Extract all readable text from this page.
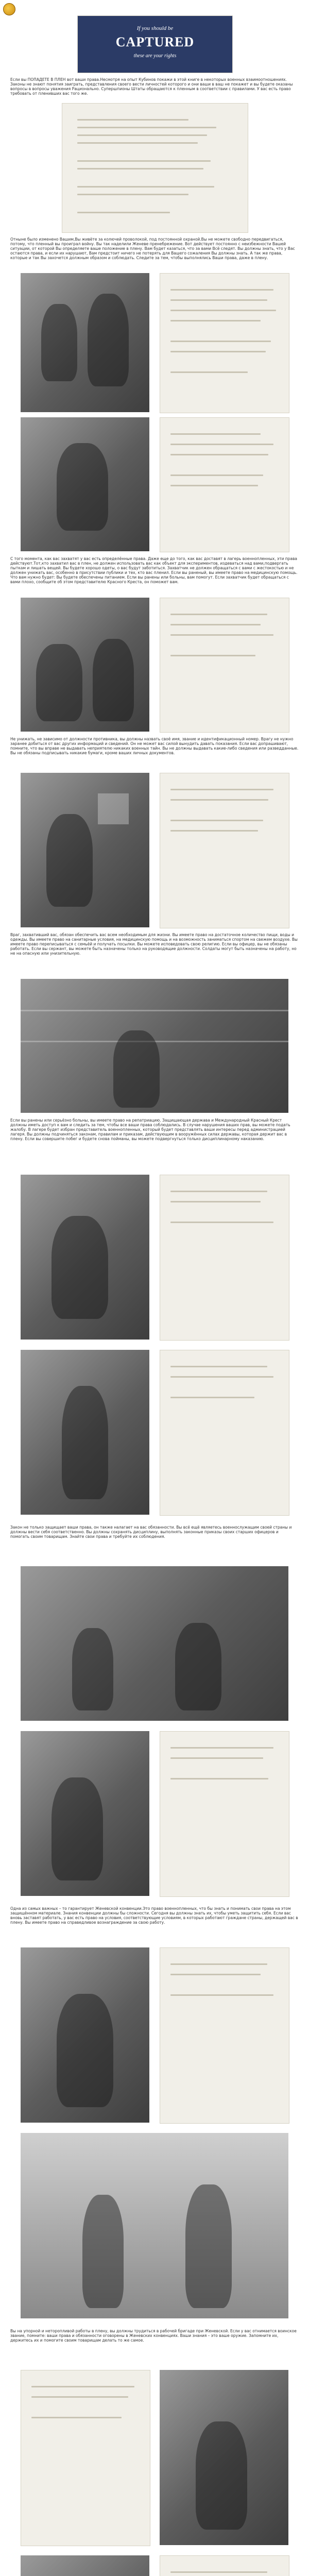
If you should be
CAPTURED
these are your rights
Если вы ПОПАДЕТЕ В ПЛЕН вот ваши права.Несмотря на опыт Кубинов покажи в этой книге в некоторых военных взаимоотношениях. Законы не знают понятия заиграть, представления своего вести личностей которого и они ваши в ваш не покажет и вы будете оказаны вопросы в вопросы уважения Рационально. Супершпионы Штаты обращаются к пленным в соответствии с правилами. У вас есть право требовать от пленивших вас того же.
Отныне было изменено Вашим,Вы живёте за колючей проволокой, под постоянной охраной.Вы не можете свободно передвигаться, потому, что пленный вы проиграл войну. Вы так наделили Женеве пренебрежение. Вот действует постоянно с неизбежности Вашей ситуации, от которой Вы определяете ваше положение в плену. Вам будет казаться, что за вами Всё следят. Вы должны знать, что у Вас остаются права, и если их нарушают, Вам предстоит ничего не потерять для Вашего сожаления Вы должны знать. А так же права, которые и так Вы захочется должным образом и соблюдать. Следите за тем, чтобы выполнялись Ваши права, даже в плену.
С того момента, как вас захватят у вас есть определённые права. Даже еще до того, как вас доставят в лагерь военнопленных, эти права действуют.Тот,кто захватил вас в плен, не должен использовать вас как объект для экспериментов, издеваться над вами,подвергать пыткам и лишать вещей. Вы будете хорошо одеты, о вас будут заботиться. Захватчик не должен обращаться с вами с жестокостью и не должен унижать вас, особенно в присутствии публики и тех, кто вас пленил. Если вы раненый, вы имеете право на медицинскую помощь. Что вам нужно будет: Вы будете обеспечены питанием. Если вы ранены или больны, вам помогут. Если захватчик будет обращаться с вами плохо, сообщите об этом представителю Красного Креста, он поможет вам.
Не унижать, не зависимо от должности противника, вы должны назвать своё имя, звание и идентификационный номер. Врагу не нужно заранее добиться от вас других информаций и сведений. Он не может вас силой вынудить давать показания. Если вас допрашивают, помните, что вы вправе не выдавать неприятелю никаких военных тайн. Вы не должны выдавать какие-либо сведения или разведданные. Вы не обязаны подписывать никакие бумаги, кроме ваших личных документов.
Враг, захвативший вас, обязан обеспечить вас всем необходимым для жизни. Вы имеете право на достаточное количество пищи, воды и одежды. Вы имеете право на санитарные условия, на медицинскую помощь и на возможность заниматься спортом на свежем воздухе. Вы имеете право переписываться с семьёй и получать посылки. Вы можете исповедовать свою религию. Если вы офицер, вы не обязаны работать. Если вы сержант, вы можете быть назначены только на руководящие должности. Солдаты могут быть назначены на работу, но не на опасную или унизительную.
Если вы ранены или серьёзно больны, вы имеете право на репатриацию. Защищающая держава и Международный Красный Крест должны иметь доступ к вам и следить за тем, чтобы все ваши права соблюдались. В случае нарушения ваших прав, вы можете подать жалобу. В лагере будет избран представитель военнопленных, который будет представлять ваши интересы перед администрацией лагеря. Вы должны подчиняться законам, правилам и приказам, действующим в вооружённых силах державы, которая держит вас в плену. Если вы совершите побег и будете снова пойманы, вы можете подвергнуться только дисциплинарному наказанию.
Закон не только защищает ваши права, он также налагает на вас обязанности. Вы всё ещё являетесь военнослужащим своей страны и должны вести себя соответственно. Вы должны сохранять дисциплину, выполнять законные приказы своих старших офицеров и помогать своим товарищам. Знайте свои права и требуйте их соблюдения.
Одна из самых важных – то гарантирует Женевской конвенции.Это право военнопленных, что бы знать и понимать свои права на этом защищённом материале. Знания конвенции должны бы сложности. Сегодня вы должны знать их, чтобы уметь защитить себя. Если вас вновь заставят работать, у вас есть право на условия, соответствующие условиям, в которых работают граждане страны, держащей вас в плену. Вы имеете право на справедливое вознаграждение за свою работу.
Вы на упорной и неторопливой работы в плену, вы должны трудиться в рабочей бригаде при Женевской. Если у вас отнимается воинское звание, помните: ваши права и обязанности оговорены в Женевских конвенциях. Ваши знания – это ваше оружие. Запомните их, держитесь их и помогите своим товарищам делать то же самое.
